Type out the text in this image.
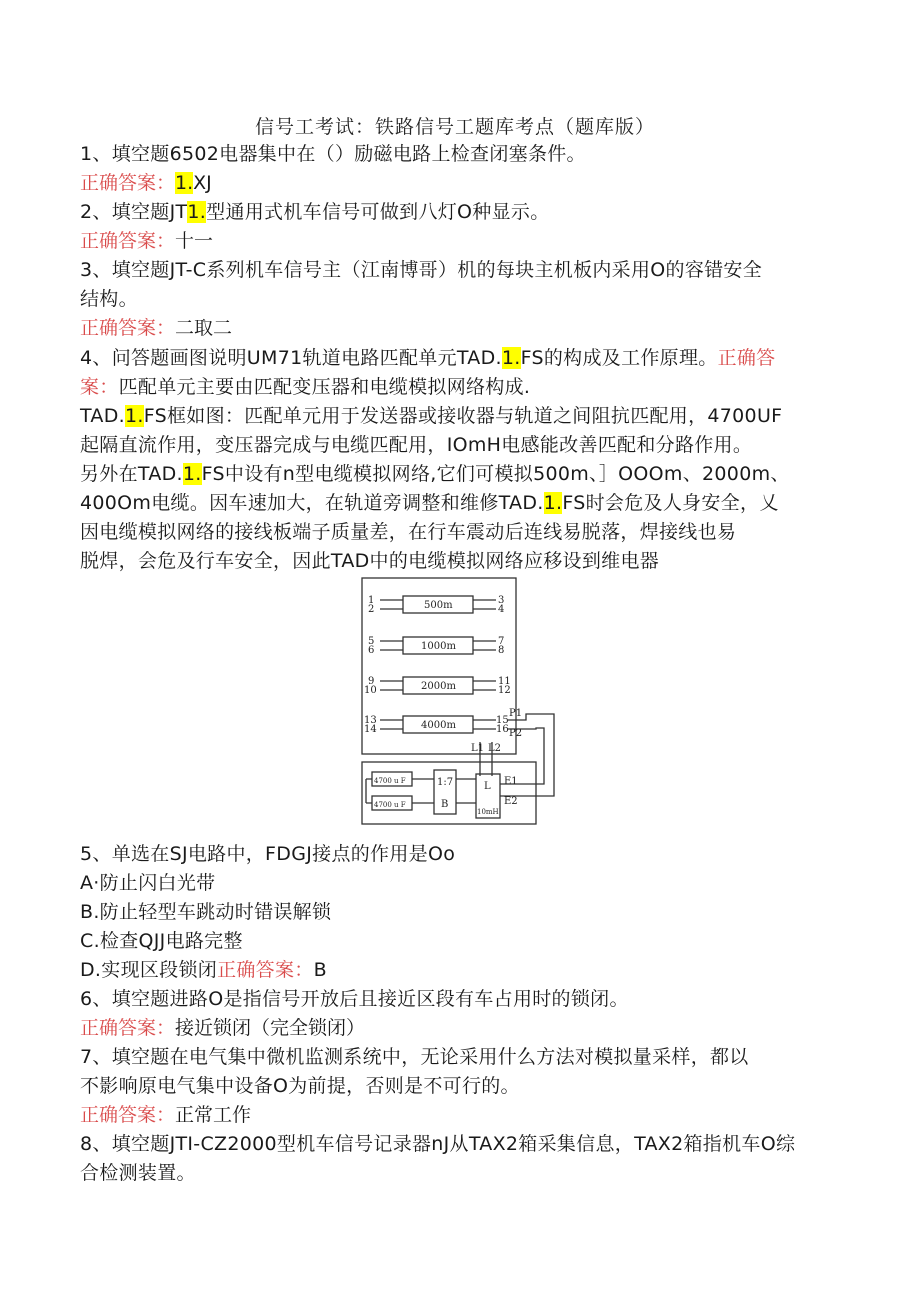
信号工考试：铁路信号工题库考点（题库版）
1、填空题6502电器集中在（）励磁电路上检查闭塞条件。
正确答案：1.XJ
2、填空题JT1.型通用式机车信号可做到八灯O种显示。
正确答案：十一
3、填空题JT-C系列机车信号主（江南博哥）机的每块主机板内采用O的容错安全
结构。
正确答案：二取二
4、问答题画图说明UM71轨道电路匹配单元TAD.1.FS的构成及工作原理。正确答
案：匹配单元主要由匹配变压器和电缆模拟网络构成.
TAD.1.FS框如图：匹配单元用于发送器或接收器与轨道之间阻抗匹配用，4700UF
起隔直流作用，变压器完成与电缆匹配用，IOmH电感能改善匹配和分路作用。
另外在TAD.1.FS中设有n型电缆模拟网络,它们可模拟500m、］OOOm、2000m、
400Om电缆。因车速加大，在轨道旁调整和维修TAD.1.FS时会危及人身安全，乂
因电缆模拟网络的接线板端子质量差，在行车震动后连线易脱落，焊接线也易
脱焊，会危及行车安全，因此TAD中的电缆模拟网络应移设到维电器
500m
1000m
2000m
4000m
1
2
5
6
9
10
13
14
3
4
7
8
11
12
15
16
P1
P2
L1 L2
E1
E2
4700 u F
4700 u F
1:7
B
L
10mH
5、单选在SJ电路中，FDGJ接点的作用是Oo
A·防止闪白光带
B.防止轻型车跳动时错误解锁
C.检查QJJ电路完整
D.实现区段锁闭正确答案：B
6、填空题进路O是指信号开放后且接近区段有车占用时的锁闭。
正确答案：接近锁闭（完全锁闭）
7、填空题在电气集中微机监测系统中，无论采用什么方法对模拟量采样，都以
不影响原电气集中设备O为前提，否则是不可行的。
正确答案：正常工作
8、填空题JTI-CZ2000型机车信号记录器nJ从TAX2箱采集信息，TAX2箱指机车O综
合检测装置。
